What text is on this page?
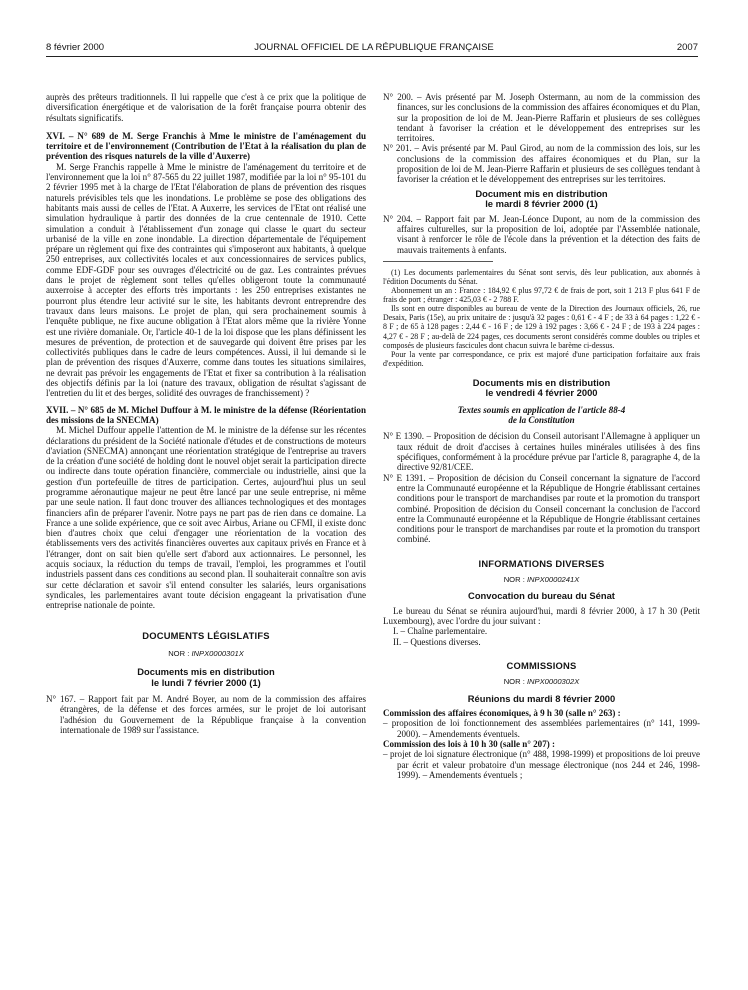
8 février 2000	JOURNAL OFFICIEL DE LA RÉPUBLIQUE FRANÇAISE	2007

auprès des prêteurs traditionnels. Il lui rappelle que c'est à ce prix que la politique de diversification énergétique et de valorisation de la forêt française pourra obtenir des résultats significatifs.

XVI. – N° 689 de M. Serge Franchis à Mme le ministre de l'aménagement du territoire et de l'environnement (Contribution de l'Etat à la réalisation du plan de prévention des risques naturels de la ville d'Auxerre)

M. Serge Franchis rappelle à Mme le ministre de l'aménagement du territoire et de l'environnement que la loi n° 87-565 du 22 juillet 1987, modifiée par la loi n° 95-101 du 2 février 1995 met à la charge de l'Etat l'élaboration de plans de prévention des risques naturels prévisibles tels que les inondations. Le problème se pose des obligations des habitants mais aussi de celles de l'Etat. A Auxerre, les services de l'Etat ont réalisé une simulation hydraulique à partir des données de la crue centennale de 1910. Cette simulation a conduit à l'établissement d'un zonage qui classe le quart du secteur urbanisé de la ville en zone inondable. La direction départementale de l'équipement prépare un règlement qui fixe des contraintes qui s'imposeront aux habitants, à quelque 250 entreprises, aux collectivités locales et aux concessionnaires de services publics, comme EDF-GDF pour ses ouvrages d'électricité ou de gaz. Les contraintes prévues dans le projet de règlement sont telles qu'elles obligeront toute la communauté auxerroise à accepter des efforts très importants : les 250 entreprises existantes ne pourront plus étendre leur activité sur le site, les habitants devront entreprendre des travaux dans leurs maisons. Le projet de plan, qui sera prochainement soumis à l'enquête publique, ne fixe aucune obligation à l'Etat alors même que la rivière Yonne est une rivière domaniale. Or, l'article 40-1 de la loi dispose que les plans définissent les mesures de prévention, de protection et de sauvegarde qui doivent être prises par les collectivités publiques dans le cadre de leurs compétences. Aussi, il lui demande si le plan de prévention des risques d'Auxerre, comme dans toutes les situations similaires, ne devrait pas prévoir les engagements de l'Etat et fixer sa contribution à la réalisation des objectifs définis par la loi (nature des travaux, obligation de résultat s'agissant de l'entretien du lit et des berges, solidité des ouvrages de franchissement) ?

XVII. – N° 685 de M. Michel Duffour à M. le ministre de la défense (Réorientation des missions de la SNECMA)

M. Michel Duffour appelle l'attention de M. le ministre de la défense sur les récentes déclarations du président de la Société nationale d'études et de constructions de moteurs d'aviation (SNECMA) annonçant une réorientation stratégique de l'entreprise au travers de la création d'une société de holding dont le nouvel objet serait la participation directe ou indirecte dans toute opération financière, commerciale ou industrielle, ainsi que la gestion d'un portefeuille de titres de participation. Certes, aujourd'hui plus un seul programme aéronautique majeur ne peut être lancé par une seule entreprise, ni même par une seule nation. Il faut donc trouver des alliances technologiques et des montages financiers afin de préparer l'avenir. Notre pays ne part pas de rien dans ce domaine. La France a une solide expérience, que ce soit avec Airbus, Ariane ou CFMI, il existe donc bien d'autres choix que celui d'engager une réorientation de la vocation des établissements vers des activités financières ouvertes aux capitaux privés en France et à l'étranger, dont on sait bien qu'elle sert d'abord aux actionnaires. Le personnel, les acquis sociaux, la réduction du temps de travail, l'emploi, les programmes et l'outil industriels passent dans ces conditions au second plan. Il souhaiterait connaître son avis sur cette déclaration et savoir s'il entend consulter les salariés, leurs organisations syndicales, les parlementaires avant toute décision engageant la privatisation d'une entreprise nationale de pointe.

DOCUMENTS LÉGISLATIFS
NOR : INPX0000301X
Documents mis en distribution
le lundi 7 février 2000 (1)

N° 167. – Rapport fait par M. André Boyer, au nom de la commission des affaires étrangères, de la défense et des forces armées, sur le projet de loi autorisant l'adhésion du Gouvernement de la République française à la convention internationale de 1989 sur l'assistance.

N° 200. – Avis présenté par M. Joseph Ostermann, au nom de la commission des finances, sur les conclusions de la commission des affaires économiques et du Plan, sur la proposition de loi de M. Jean-Pierre Raffarin et plusieurs de ses collègues tendant à favoriser la création et le développement des entreprises sur les territoires.

N° 201. – Avis présenté par M. Paul Girod, au nom de la commission des lois, sur les conclusions de la commission des affaires économiques et du Plan, sur la proposition de loi de M. Jean-Pierre Raffarin et plusieurs de ses collègues tendant à favoriser la création et le développement des entreprises sur les territoires.

Document mis en distribution
le mardi 8 février 2000 (1)

N° 204. – Rapport fait par M. Jean-Léonce Dupont, au nom de la commission des affaires culturelles, sur la proposition de loi, adoptée par l'Assemblée nationale, visant à renforcer le rôle de l'école dans la prévention et la détection des faits de mauvais traitements à enfants.

(1) Les documents parlementaires du Sénat sont servis, dès leur publication, aux abonnés à l'édition Documents du Sénat.

Abonnement un an : France : 184,92 € plus 97,72 € de frais de port, soit 1 213 F plus 641 F de frais de port ; étranger : 425,03 € - 2 788 F.

Ils sont en outre disponibles au bureau de vente de la Direction des Journaux officiels, 26, rue Desaix, Paris (15e), au prix unitaire de : jusqu'à 32 pages : 0,61 € - 4 F ; de 33 à 64 pages : 1,22 € - 8 F ; de 65 à 128 pages : 2,44 € - 16 F ; de 129 à 192 pages : 3,66 € - 24 F ; de 193 à 224 pages : 4,27 € - 28 F ; au-delà de 224 pages, ces documents seront considérés comme doubles ou triples et composés de plusieurs fascicules dont chacun suivra le barème ci-dessus.

Pour la vente par correspondance, ce prix est majoré d'une participation forfaitaire aux frais d'expédition.

Documents mis en distribution
le vendredi 4 février 2000

Textes soumis en application de l'article 88-4

de la Constitution

N° E 1390. – Proposition de décision du Conseil autorisant l'Allemagne à appliquer un taux réduit de droit d'accises à certaines huiles minérales utilisées à des fins spécifiques, conformément à la procédure prévue par l'article 8, paragraphe 4, de la directive 92/81/CEE.

N° E 1391. – Proposition de décision du Conseil concernant la signature de l'accord entre la Communauté européenne et la République de Hongrie établissant certaines conditions pour le transport de marchandises par route et la promotion du transport combiné. Proposition de décision du Conseil concernant la conclusion de l'accord entre la Communauté européenne et la République de Hongrie établissant certaines conditions pour le transport de marchandises par route et la promotion du transport combiné.

INFORMATIONS DIVERSES
NOR : INPX0000241X
Convocation du bureau du Sénat

Le bureau du Sénat se réunira aujourd'hui, mardi 8 février 2000, à 17 h 30 (Petit Luxembourg), avec l'ordre du jour suivant :

I. – Chaîne parlementaire.

II. – Questions diverses.

COMMISSIONS
NOR : INPX0000302X
Réunions du mardi 8 février 2000

Commission des affaires économiques, à 9 h 30 (salle n° 263) :

– proposition de loi fonctionnement des assemblées parlementaires (n° 141, 1999-2000). – Amendements éventuels.

Commission des lois à 10 h 30 (salle n° 207) :

– projet de loi signature électronique (n° 488, 1998-1999) et propositions de loi preuve par écrit et valeur probatoire d'un message électronique (nos 244 et 246, 1998-1999). – Amendements éventuels ;
